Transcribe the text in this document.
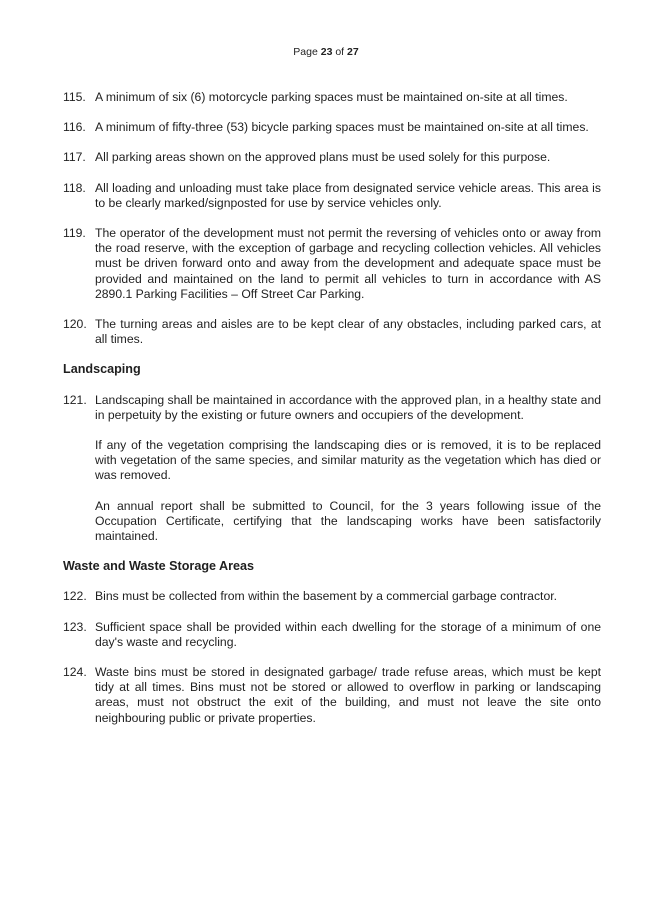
Page 23 of 27
115. A minimum of six (6) motorcycle parking spaces must be maintained on-site at all times.
116. A minimum of fifty-three (53) bicycle parking spaces must be maintained on-site at all times.
117. All parking areas shown on the approved plans must be used solely for this purpose.
118. All loading and unloading must take place from designated service vehicle areas. This area is to be clearly marked/signposted for use by service vehicles only.
119. The operator of the development must not permit the reversing of vehicles onto or away from the road reserve, with the exception of garbage and recycling collection vehicles. All vehicles must be driven forward onto and away from the development and adequate space must be provided and maintained on the land to permit all vehicles to turn in accordance with AS 2890.1 Parking Facilities – Off Street Car Parking.
120. The turning areas and aisles are to be kept clear of any obstacles, including parked cars, at all times.
Landscaping
121. Landscaping shall be maintained in accordance with the approved plan, in a healthy state and in perpetuity by the existing or future owners and occupiers of the development.

If any of the vegetation comprising the landscaping dies or is removed, it is to be replaced with vegetation of the same species, and similar maturity as the vegetation which has died or was removed.

An annual report shall be submitted to Council, for the 3 years following issue of the Occupation Certificate, certifying that the landscaping works have been satisfactorily maintained.

Waste and Waste Storage Areas
122. Bins must be collected from within the basement by a commercial garbage contractor.
123. Sufficient space shall be provided within each dwelling for the storage of a minimum of one day's waste and recycling.
124. Waste bins must be stored in designated garbage/ trade refuse areas, which must be kept tidy at all times. Bins must not be stored or allowed to overflow in parking or landscaping areas, must not obstruct the exit of the building, and must not leave the site onto neighbouring public or private properties.
